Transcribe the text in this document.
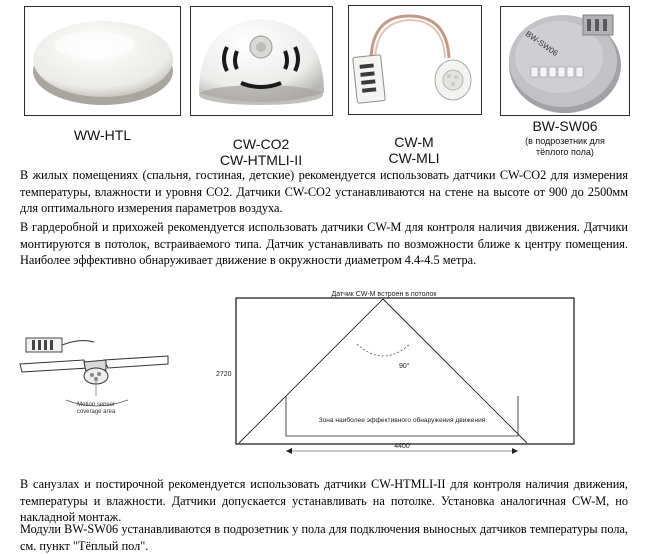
WW-HTL

CW-CO2
CW-HTMLI-II

CW-M
CW-MLI

BW-SW06
BW-SW06
(в подрозетник для тёплого пола)
В жилых помещениях (спальня, гостиная, детские) рекомендуется использовать датчики CW-CO2 для измерения температуры, влажности и уровня CO2. Датчики CW-CO2 устанавливаются на стене на высоте от 900 до 2500мм для оптимального измерения параметров воздуха.
В гардеробной и прихожей рекомендуется использовать датчики CW-M для контроля наличия движения. Датчики монтируются в потолок, встраиваемого типа. Датчик устанавливать по возможности ближе к центру помещения. Наиболее эффективно обнаруживает движение в окружности диаметром 4.4-4.5 метра.
Motion sensor
coverage area
Датчик CW-M встроен в потолок
90°
Зона наиболее эффективного обнаружения движения
2720
4400
В санузлах и постирочной рекомендуется использовать датчики CW-HTMLI-II для контроля наличия движения, температуры и влажности. Датчики допускается устанавливать на потолке. Установка аналогичная CW-M, но накладной монтаж.
Модули BW-SW06 устанавливаются в подрозетник у пола для подключения выносных датчиков температуры пола, см. пункт "Тёплый пол".
